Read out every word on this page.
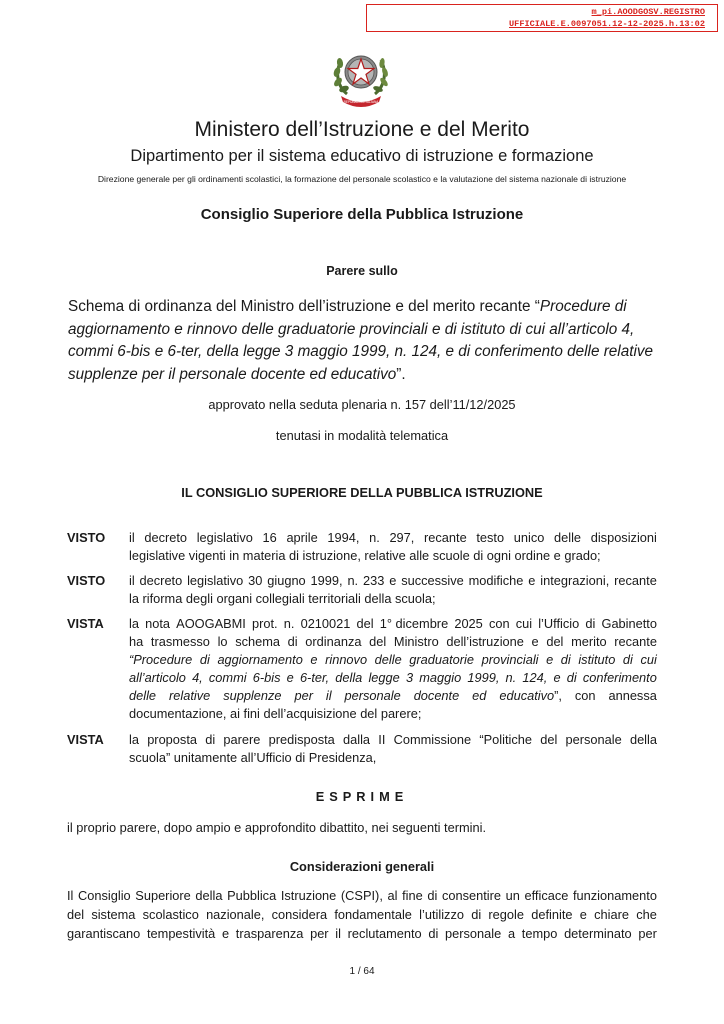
m_pi.AOODGOSV.REGISTRO
UFFICIALE.E.0097051.12-12-2025.h.13:02
REPUBBLICA ITALIANA
Ministero dell’Istruzione e del Merito
Dipartimento per il sistema educativo di istruzione e formazione
Direzione generale per gli ordinamenti scolastici, la formazione del personale scolastico e la valutazione del sistema nazionale di istruzione
Consiglio Superiore della Pubblica Istruzione
Parere sullo
Schema di ordinanza del Ministro dell’istruzione e del merito recante “Procedure di
aggiornamento e rinnovo delle graduatorie provinciali e di istituto di cui all’articolo 4,
commi 6-bis e 6-ter, della legge 3 maggio 1999, n. 124, e di conferimento delle relative
supplenze per il personale docente ed educativo”.
approvato nella seduta plenaria n. 157 dell’11/12/2025
tenutasi in modalità telematica
IL CONSIGLIO SUPERIORE DELLA PUBBLICA ISTRUZIONE
VISTO il decreto legislativo 16 aprile 1994, n. 297, recante testo unico delle disposizioni
legislative vigenti in materia di istruzione, relative alle scuole di ogni ordine e grado;
VISTO il decreto legislativo 30 giugno 1999, n. 233 e successive modifiche e integrazioni, recante
la riforma degli organi collegiali territoriali della scuola;
VISTA la nota AOOGABMI prot. n. 0210021 del 1° dicembre 2025 con cui l’Ufficio di Gabinetto
ha trasmesso lo schema di ordinanza del Ministro dell’istruzione e del merito recante
“Procedure di aggiornamento e rinnovo delle graduatorie provinciali e di istituto di cui
all’articolo 4, commi 6-bis e 6-ter, della legge 3 maggio 1999, n. 124, e di conferimento
delle relative supplenze per il personale docente ed educativo”, con annessa
documentazione, ai fini dell’acquisizione del parere;
VISTA la proposta di parere predisposta dalla II Commissione “Politiche del personale della
scuola” unitamente all’Ufficio di Presidenza,
ESPRIME
il proprio parere, dopo ampio e approfondito dibattito, nei seguenti termini.
Considerazioni generali
Il Consiglio Superiore della Pubblica Istruzione (CSPI), al fine di consentire un efficace funzionamento
del sistema scolastico nazionale, considera fondamentale l’utilizzo di regole definite e chiare che
garantiscano tempestività e trasparenza per il reclutamento di personale a tempo determinato per
1 / 64
